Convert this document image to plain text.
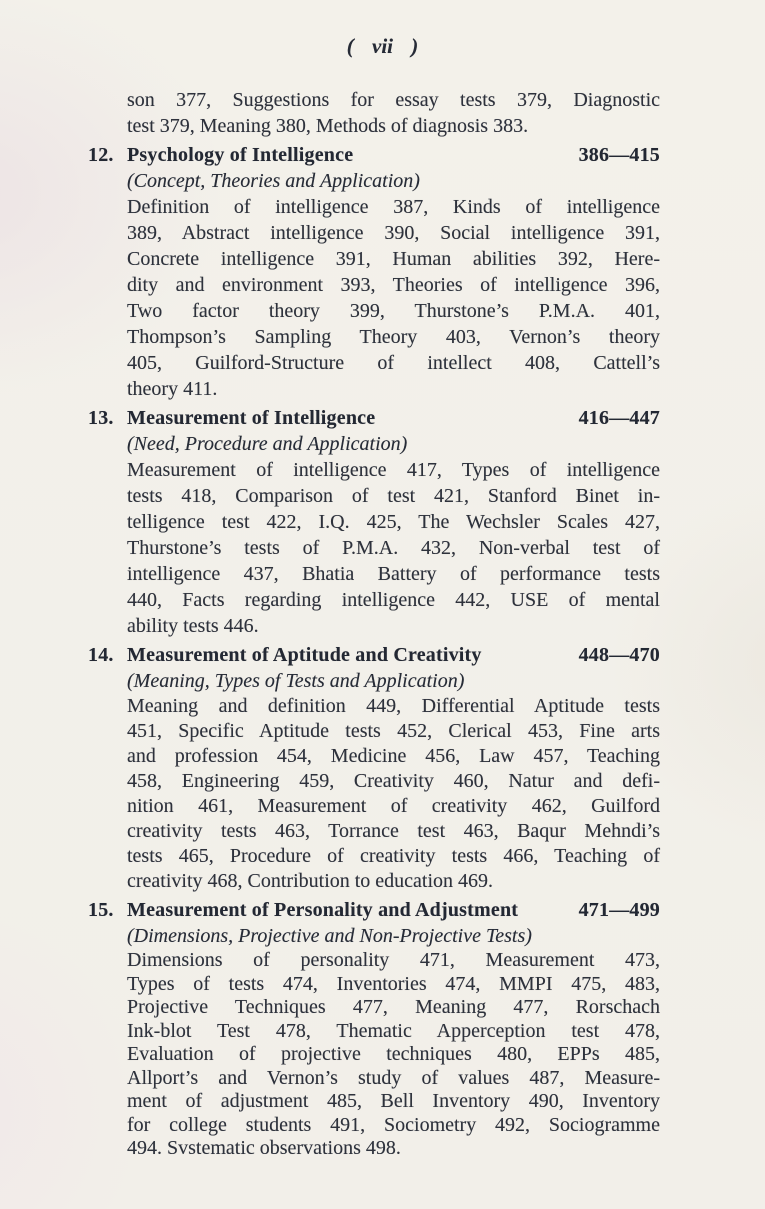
( vii )
son 377, Suggestions for essay tests 379, Diagnostic
test 379, Meaning 380, Methods of diagnosis 383.
12. Psychology of Intelligence	386—415
(Concept, Theories and Application)
Definition of intelligence 387, Kinds of intelligence
389, Abstract intelligence 390, Social intelligence 391,
Concrete intelligence 391, Human abilities 392, Here-
dity and environment 393, Theories of intelligence 396,
Two factor theory 399, Thurstone’s P.M.A. 401,
Thompson’s Sampling Theory 403, Vernon’s theory
405, Guilford-Structure of intellect 408, Cattell’s
theory 411.
13. Measurement of Intelligence	416—447
(Need, Procedure and Application)
Measurement of intelligence 417, Types of intelligence
tests 418, Comparison of test 421, Stanford Binet in-
telligence test 422, I.Q. 425, The Wechsler Scales 427,
Thurstone’s tests of P.M.A. 432, Non-verbal test of
intelligence 437, Bhatia Battery of performance tests
440, Facts regarding intelligence 442, USE of mental
ability tests 446.
14. Measurement of Aptitude and Creativity	448—470
(Meaning, Types of Tests and Application)
Meaning and definition 449, Differential Aptitude tests
451, Specific Aptitude tests 452, Clerical 453, Fine arts
and profession 454, Medicine 456, Law 457, Teaching
458, Engineering 459, Creativity 460, Natur and defi-
nition 461, Measurement of creativity 462, Guilford
creativity tests 463, Torrance test 463, Baqur Mehndi’s
tests 465, Procedure of creativity tests 466, Teaching of
creativity 468, Contribution to education 469.
15. Measurement of Personality and Adjustment	471—499
(Dimensions, Projective and Non-Projective Tests)
Dimensions of personality 471, Measurement 473,
Types of tests 474, Inventories 474, MMPI 475, 483,
Projective Techniques 477, Meaning 477, Rorschach
Ink-blot Test 478, Thematic Apperception test 478,
Evaluation of projective techniques 480, EPPs 485,
Allport’s and Vernon’s study of values 487, Measure-
ment of adjustment 485, Bell Inventory 490, Inventory
for college students 491, Sociometry 492, Sociogramme
494. Svstematic observations 498.
